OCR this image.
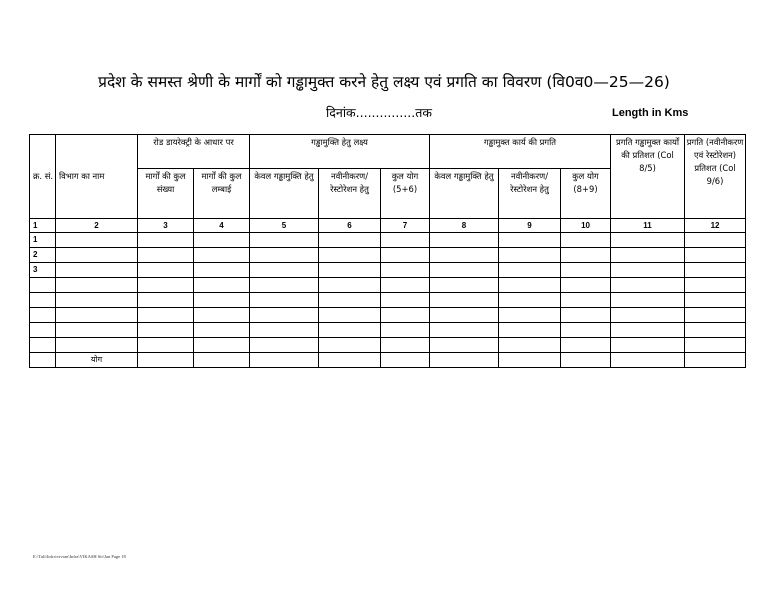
प्रदेश के समस्त श्रेणी के मार्गों को गड्ढामुक्त करने हेतु लक्ष्य एवं प्रगति का विवरण (वि0व0—25—26)
दिनांक...............तक	Length in Kms
क्र. सं.	विभाग का नाम	रोड डायरेक्ट्री के आधार पर		गड्ढामुक्ति हेतु लक्ष्य			गड्ढामुक्त कार्य की प्रगति			प्रगति गड्ढामुक्त कार्यों की प्रतिशत (Col 8/5)	प्रगति (नवीनीकरण एवं रेस्टोरेशन) प्रतिशत (Col 9/6)
		मार्गों की कुल संख्या	मार्गों की कुल लम्बाई	केवल गड्ढामुक्ति हेतु	नवीनीकरण/ रेस्टोरेशन हेतु	कुल योग (5+6)	केवल गड्ढामुक्ति हेतु	नवीनीकरण/ रेस्टोरेशन हेतु	कुल योग (8+9)		
1	2	3	4	5	6	7	8	9	10	11	12
1											
2											
3											

	योग										
E:\Tuli\Infra\vivran\Infra\VIKASH Sir\Jan Page 18
